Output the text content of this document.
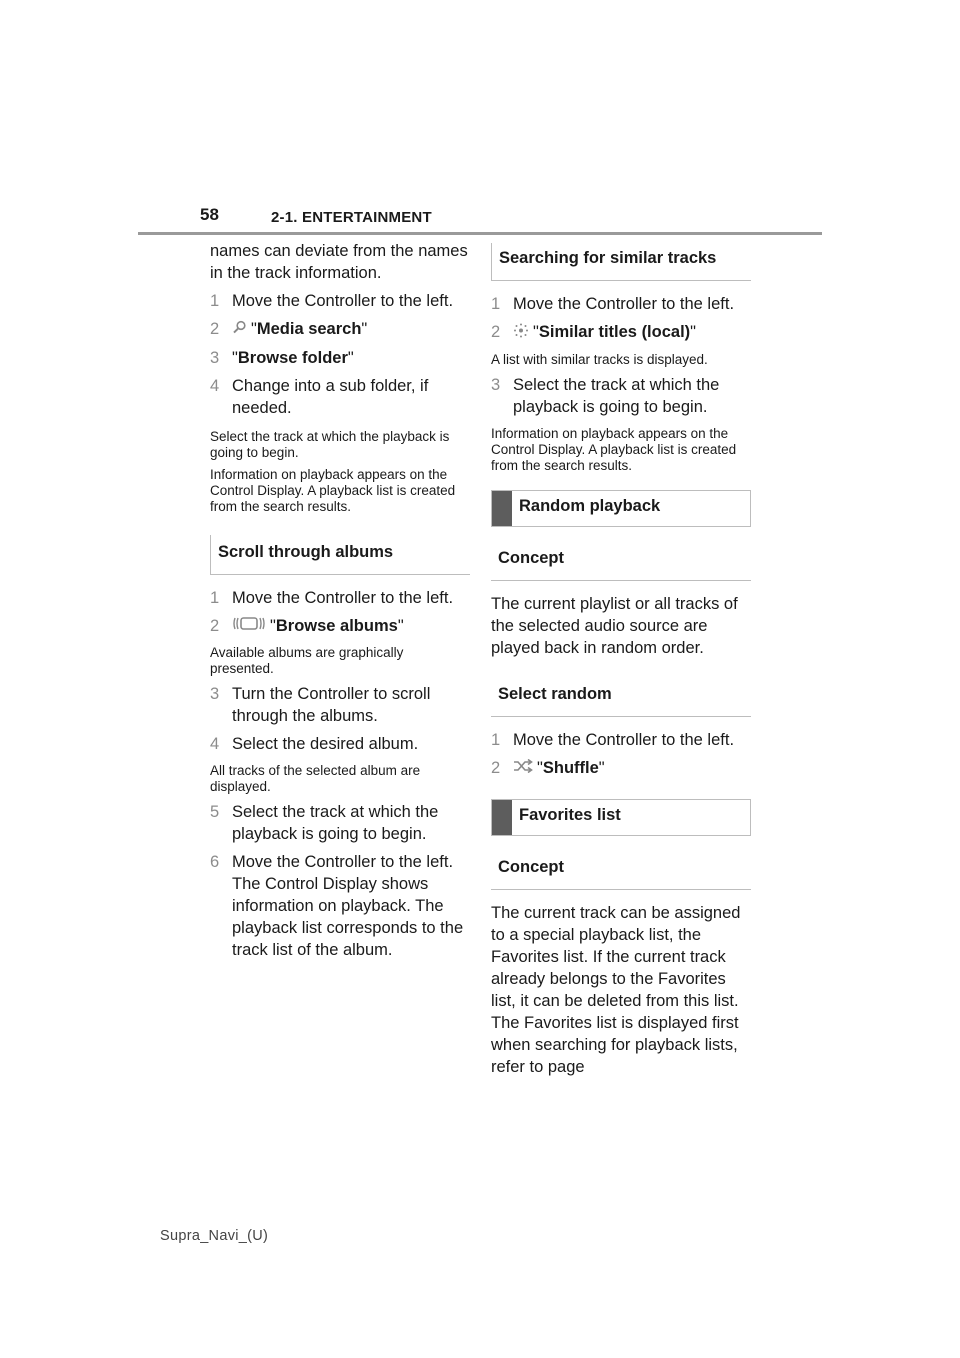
58	2-1. ENTERTAINMENT

names can deviate from the names in the track information.

1 Move the Controller to the left.
2 "Media search"
3 "Browse folder"
4 Change into a sub folder, if needed.

Select the track at which the playback is going to begin.

Information on playback appears on the Control Display. A playback list is created from the search results.

Scroll through albums
1 Move the Controller to the left.
2	"Browse albums"

Available albums are graphically presented.

3 Turn the Controller to scroll through the albums.
4 Select the desired album.

All tracks of the selected album are displayed.

5 Select the track at which the playback is going to begin.
6 Move the Controller to the left. The Control Display shows information on playback. The playback list corresponds to the track list of the album.
Searching for similar tracks
1 Move the Controller to the left.
2 "Similar titles (local)"

A list with similar tracks is displayed.

3 Select the track at which the playback is going to begin.

Information on playback appears on the Control Display. A playback list is created from the search results.

Random playback
Concept

The current playlist or all tracks of the selected audio source are played back in random order.

Select random
1 Move the Controller to the left.
2 "Shuffle"
Favorites list
Concept

The current track can be assigned to a special playback list, the Favorites list. If the current track already belongs to the Favorites list, it can be deleted from this list. The Favorites list is displayed first when searching for playback lists, refer to page

Supra_Navi_(U)
